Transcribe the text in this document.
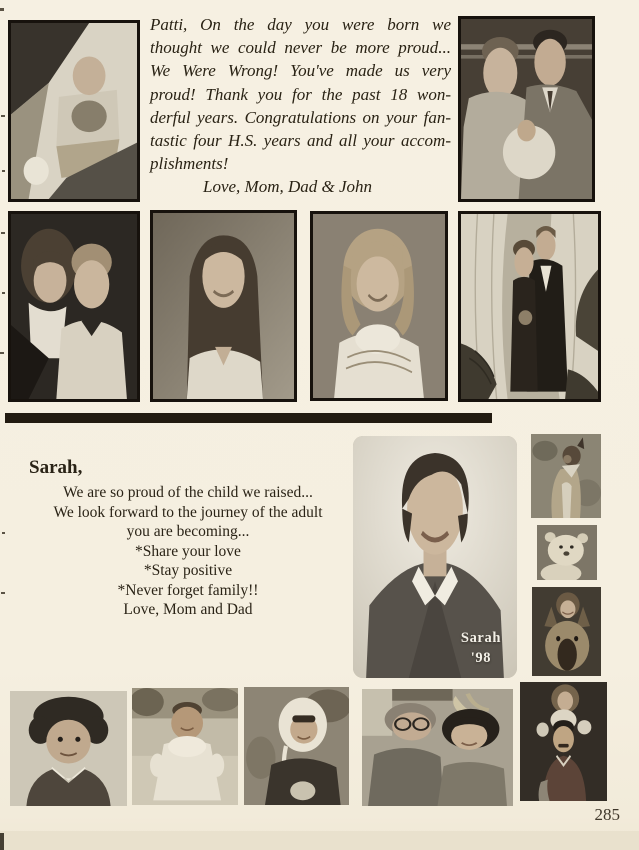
Patti, On the day you were born we
thought we could never be more proud...
We Were Wrong! You've made us very
proud! Thank you for the past 18 won-
derful years. Congratulations on your fan-
tastic four H.S. years and all your accom-
plishments!
Love, Mom, Dad & John
Sarah,
We are so proud of the child we raised...
We look forward to the journey of the adult
you are becoming...
*Share your love
*Stay positive
*Never forget family!!
Love, Mom and Dad
Sarah
'98
285
